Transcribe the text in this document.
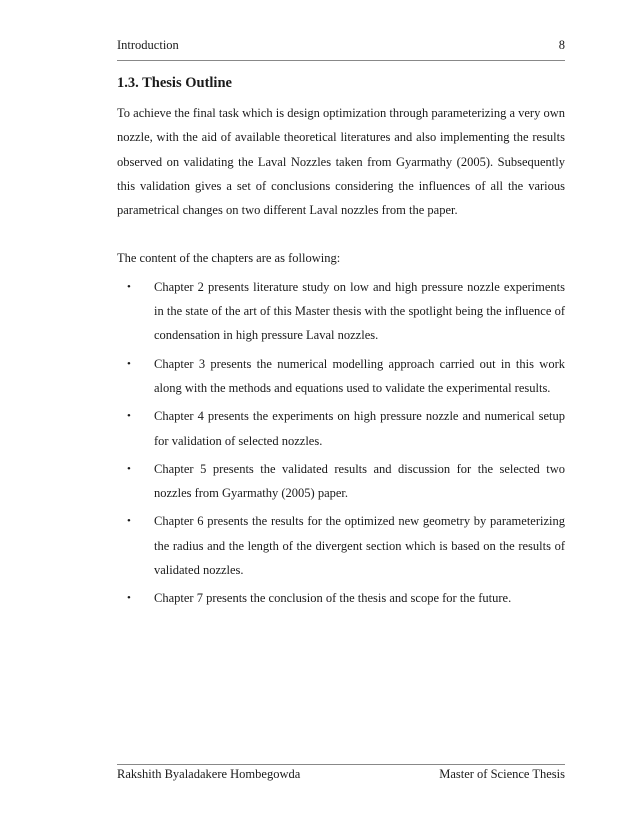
Introduction	8
1.3. Thesis Outline

To achieve the final task which is design optimization through parameterizing a very own nozzle, with the aid of available theoretical literatures and also implementing the results observed on validating the Laval Nozzles taken from Gyarmathy (2005). Subsequently this validation gives a set of conclusions considering the influences of all the various parametrical changes on two different Laval nozzles from the paper.

The content of the chapters are as following:

• Chapter 2 presents literature study on low and high pressure nozzle experiments in the state of the art of this Master thesis with the spotlight being the influence of condensation in high pressure Laval nozzles.
• Chapter 3 presents the numerical modelling approach carried out in this work along with the methods and equations used to validate the experimental results.
• Chapter 4 presents the experiments on high pressure nozzle and numerical setup for validation of selected nozzles.
• Chapter 5 presents the validated results and discussion for the selected two nozzles from Gyarmathy (2005) paper.
• Chapter 6 presents the results for the optimized new geometry by parameterizing the radius and the length of the divergent section which is based on the results of validated nozzles.
• Chapter 7 presents the conclusion of the thesis and scope for the future.
Rakshith Byaladakere Hombegowda	Master of Science Thesis
